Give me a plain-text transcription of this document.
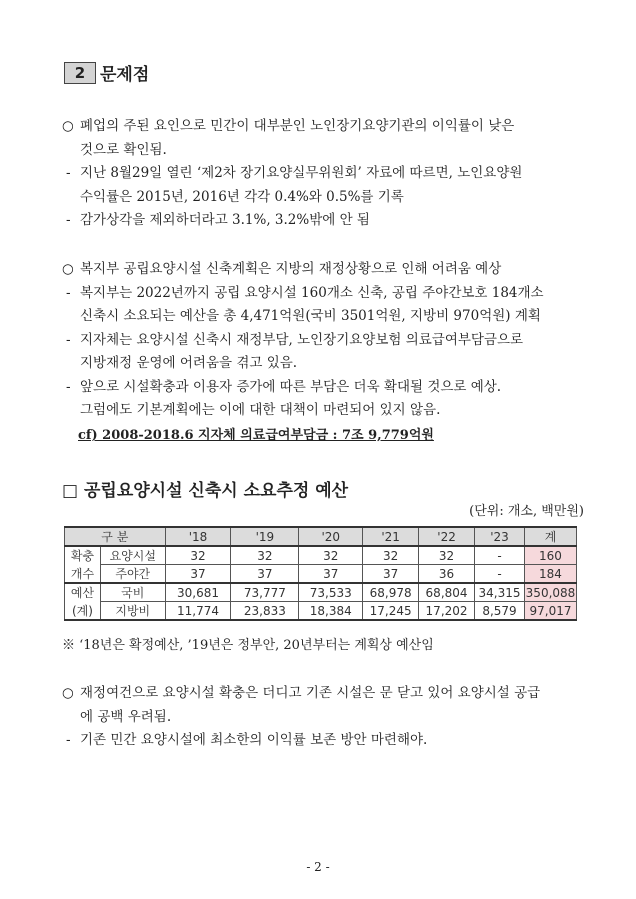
2 문제점
○ 폐업의 주된 요인으로 민간이 대부분인 노인장기요양기관의 이익률이 낮은
것으로 확인됨.
- 지난 8월29일 열린 ‘제2차 장기요양실무위원회’ 자료에 따르면, 노인요양원
수익률은 2015년, 2016년 각각 0.4%와 0.5%를 기록
- 감가상각을 제외하더라고 3.1%, 3.2%밖에 안 됨
○ 복지부 공립요양시설 신축계획은 지방의 재정상황으로 인해 어려움 예상
- 복지부는 2022년까지 공립 요양시설 160개소 신축, 공립 주야간보호 184개소
신축시 소요되는 예산을 총 4,471억원(국비 3501억원, 지방비 970억원) 계획
- 지자체는 요양시설 신축시 재정부담, 노인장기요양보험 의료급여부담금으로
지방재정 운영에 어려움을 겪고 있음.
- 앞으로 시설확충과 이용자 증가에 따른 부담은 더욱 확대될 것으로 예상.
그럼에도 기본계획에는 이에 대한 대책이 마련되어 있지 않음.
cf) 2008-2018.6 지자체 의료급여부담금 : 7조 9,779억원
□ 공립요양시설 신축시 소요추정 예산
(단위: 개소, 백만원)
구 분		'18	'19	'20	'21	'22	'23	계
확충	요양시설	32	32	32	32	32	-	160
개수	주야간	37	37	37	37	36	-	184
예산	국비	30,681	73,777	73,533	68,978	68,804	34,315	350,088
(계)	지방비	11,774	23,833	18,384	17,245	17,202	8,579	97,017
※ ‘18년은 확정예산, ’19년은 정부안, 20년부터는 계획상 예산임
○ 재정여건으로 요양시설 확충은 더디고 기존 시설은 문 닫고 있어 요양시설 공급
에 공백 우려됨.
- 기존 민간 요양시설에 최소한의 이익률 보존 방안 마련해야.
- 2 -
